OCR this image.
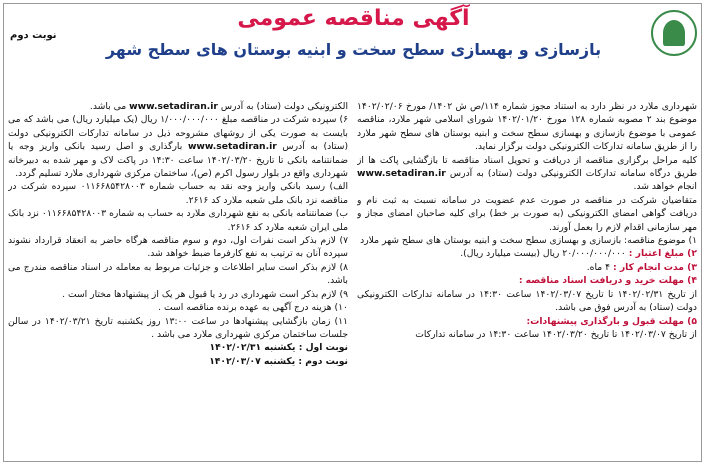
نوبت دوم
آگهی مناقصه عمومی
بازسازی و بهسازی سطح سخت و ابنیه بوستان های سطح شهر

شهرداری ملارد در نظر دارد به استناد مجوز شماره ۱۱۴/ص ش ۱۴۰۲/ مورخ ۱۴۰۲/۰۲/۰۶ موضوع بند ۲ مصوبه شماره ۱۲۸ مورخ ۱۴۰۲/۰۱/۲۰ شورای اسلامی شهر ملارد، مناقصه عمومی با موضوع بازسازی و بهسازی سطح سخت و ابنیه بوستان های سطح شهر ملارد را از طریق سامانه تدارکات الکترونیکی دولت برگزار نماید.

کلیه مراحل برگزاری مناقصه از دریافت و تحویل اسناد مناقصه تا بازگشایی پاکت ها از طریق درگاه سامانه تدارکات الکترونیکی دولت (ستاد) به آدرس www.setadiran.ir انجام خواهد شد.

متقاضیان شرکت در مناقصه در صورت عدم عضویت در سامانه نسبت به ثبت نام و دریافت گواهی امضای الکترونیکی (به صورت بر خط) برای کلیه صاحبان امضای مجاز و مهر سازمانی اقدام لازم را بعمل آورند.

۱) موضوع مناقصه: بازسازی و بهسازی سطح سخت و ابنیه بوستان های سطح شهر ملارد

۲) مبلغ اعتبار : ۲۰/۰۰۰/۰۰۰/۰۰۰ ریال (بیست میلیارد ریال).

۳) مدت انجام کار : ۴ ماه.

۴) مهلت خرید و دریافت اسناد مناقصه :

از تاریخ ۱۴۰۲/۰۲/۳۱ تا تاریخ ۱۴۰۲/۰۳/۰۷ ساعت ۱۴:۳۰ در سامانه تدارکات الکترونیکی دولت (ستاد) به آدرس فوق می باشد.

۵) مهلت قبول و بارگذاری پیشنهادات:

از تاریخ ۱۴۰۲/۰۳/۰۷ تا تاریخ ۱۴۰۲/۰۳/۲۰ ساعت ۱۴:۳۰ در سامانه تدارکات

الکترونیکی دولت (ستاد) به آدرس www.setadiran.ir می باشد.

۶) سپرده شرکت در مناقصه مبلغ ۱/۰۰۰/۰۰۰/۰۰۰ ریال (یک میلیارد ریال) می باشد که می بایست به صورت یکی از روشهای مشروحه ذیل در سامانه تدارکات الکترونیکی دولت (ستاد) به آدرس www.setadiran.ir بارگذاری و اصل رسید بانکی واریز وجه یا ضمانتنامه بانکی تا تاریخ ۱۴۰۲/۰۳/۲۰ ساعت ۱۴:۳۰ در پاکت لاک و مهر شده به دبیرخانه شهرداری واقع در بلوار رسول اکرم (ص)، ساختمان مرکزی شهرداری ملارد تسلیم گردد.

الف) رسید بانکی واریز وجه نقد به حساب شماره ۰۱۱۶۶۸۵۴۲۸۰۰۳ سپرده شرکت در مناقصه نزد بانک ملی شعبه ملارد کد ۲۶۱۶.

ب) ضمانتنامه بانکی به نفع شهرداری ملارد به حساب به شماره ۰۱۱۶۶۸۵۴۲۸۰۰۳ نزد بانک ملی ایران شعبه ملارد کد ۲۶۱۶.

۷) لازم بذکر است نفرات اول، دوم و سوم مناقصه هرگاه حاضر به انعقاد قرارداد نشوند سپرده آنان به ترتیب به نفع کارفرما ضبط خواهد شد.

۸) لازم بذکر است سایر اطلاعات و جزئیات مربوط به معامله در اسناد مناقصه مندرج می باشد.

۹) لازم بذکر است شهرداری در رد یا قبول هر یک از پیشنهادها مختار است .

۱۰) هزینه درج آگهی به عهده برنده مناقصه است .

۱۱) زمان بازگشایی پیشنهادها در ساعت ۱۳:۰۰ روز یکشنبه تاریخ ۱۴۰۲/۰۳/۲۱ در سالن جلسات ساختمان مرکزی شهرداری ملارد می باشد .

نوبت اول : یکشنبه ۱۴۰۲/۰۲/۳۱

نوبت دوم : یکشنبه ۱۴۰۲/۰۳/۰۷
